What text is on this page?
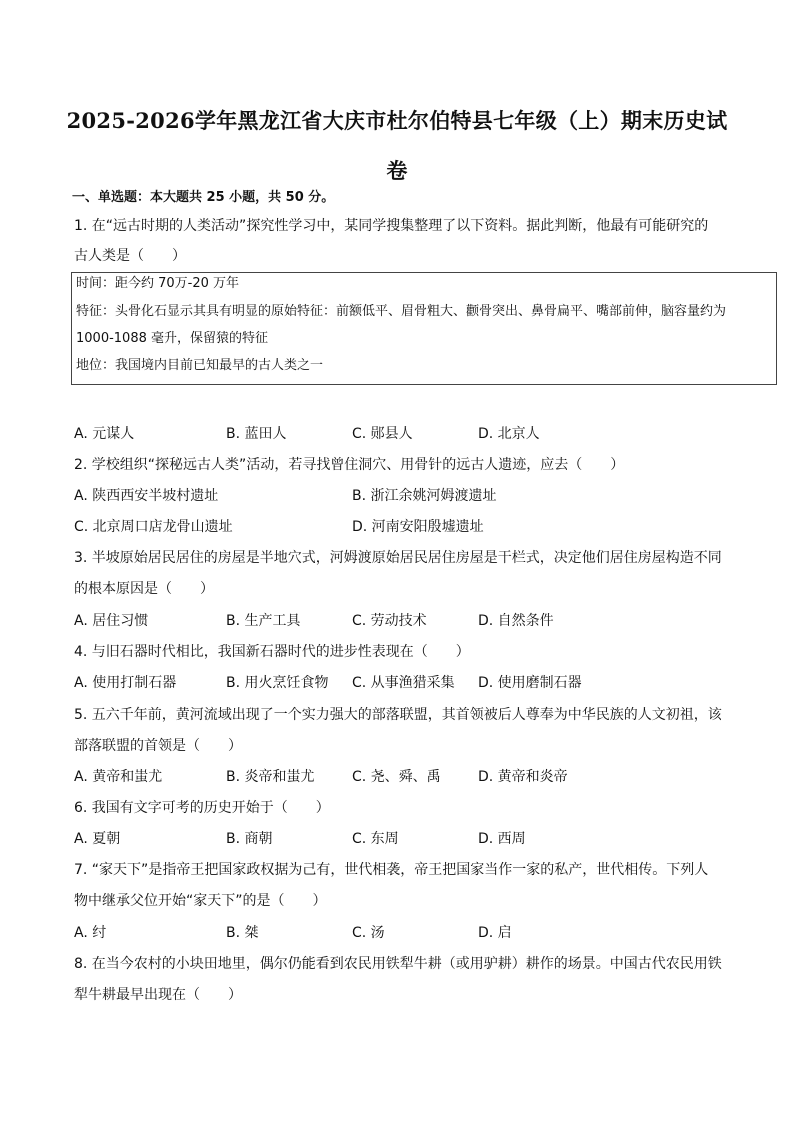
2025-2026学年黑龙江省大庆市杜尔伯特县七年级（上）期末历史试
卷
一、单选题：本大题共 25 小题，共 50 分。
1. 在“远古时期的人类活动”探究性学习中，某同学搜集整理了以下资料。据此判断，他最有可能研究的
古人类是（　　）
时间：距今约 70万-20 万年
特征：头骨化石显示其具有明显的原始特征：前额低平、眉骨粗大、颧骨突出、鼻骨扁平、嘴部前伸，脑容量约为
1000-1088 毫升，保留猿的特征
地位：我国境内目前已知最早的古人类之一
A. 元谋人	B. 蓝田人	C. 郧县人	D. 北京人
2. 学校组织“探秘远古人类”活动，若寻找曾住洞穴、用骨针的远古人遗迹，应去（　　）
A. 陕西西安半坡村遗址	B. 浙江余姚河姆渡遗址
C. 北京周口店龙骨山遗址	D. 河南安阳殷墟遗址
3. 半坡原始居民居住的房屋是半地穴式，河姆渡原始居民居住房屋是干栏式，决定他们居住房屋构造不同
的根本原因是（　　）
A. 居住习惯	B. 生产工具	C. 劳动技术	D. 自然条件
4. 与旧石器时代相比，我国新石器时代的进步性表现在（　　）
A. 使用打制石器	B. 用火烹饪食物 C. 从事渔猎采集 D. 使用磨制石器
5. 五六千年前，黄河流域出现了一个实力强大的部落联盟，其首领被后人尊奉为中华民族的人文初祖，该
部落联盟的首领是（　　）
A. 黄帝和蚩尤	B. 炎帝和蚩尤	C. 尧、舜、禹	D. 黄帝和炎帝
6. 我国有文字可考的历史开始于（　　）
A. 夏朝	B. 商朝	C. 东周	D. 西周
7. “家天下”是指帝王把国家政权据为己有，世代相袭，帝王把国家当作一家的私产，世代相传。下列人
物中继承父位开始“家天下”的是（　　）
A. 纣	B. 桀	C. 汤	D. 启
8. 在当今农村的小块田地里，偶尔仍能看到农民用铁犁牛耕（或用驴耕）耕作的场景。中国古代农民用铁
犁牛耕最早出现在（　　）
